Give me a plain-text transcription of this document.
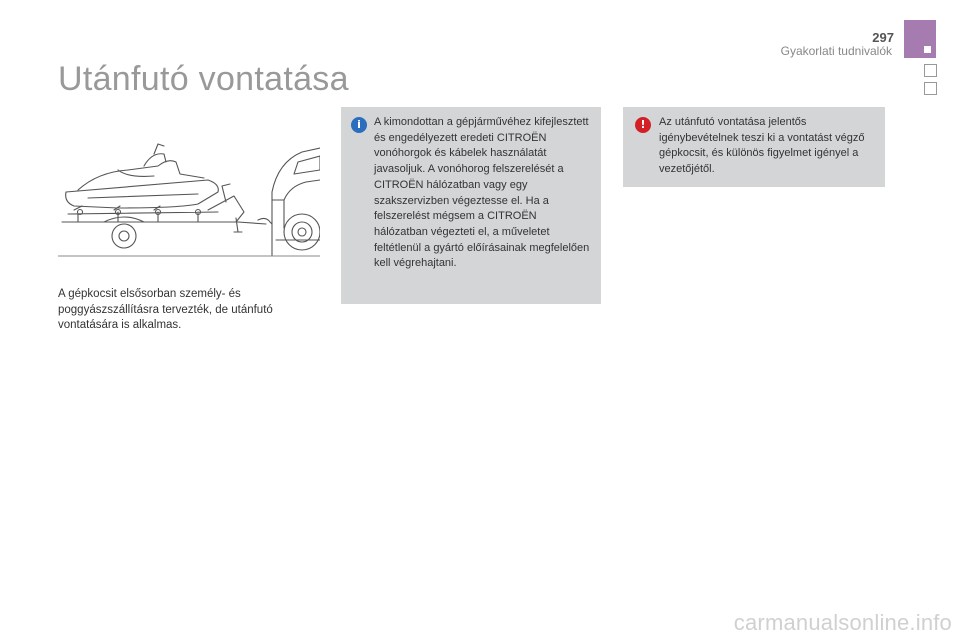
297
Gyakorlati tudnivalók
Utánfutó vontatása

A gépkocsit elsősorban személy- és poggyászszállításra tervezték, de utánfutó vontatására is alkalmas.

i	A kimondottan a gépjárművéhez kifejlesztett és engedélyezett eredeti CITROËN vonóhorgok és kábelek használatát javasoljuk. A vonóhorog felszerelését a CITROËN hálózatban vagy egy szakszervizben végeztesse el. Ha a felszerelést mégsem a CITROËN hálózatban végezteti el, a műveletet feltétlenül a gyártó előírásainak megfelelően kell végrehajtani.

!	Az utánfutó vontatása jelentős igénybevételnek teszi ki a vontatást végző gépkocsit, és különös figyelmet igényel a vezetőjétől.

carmanualsonline.info
